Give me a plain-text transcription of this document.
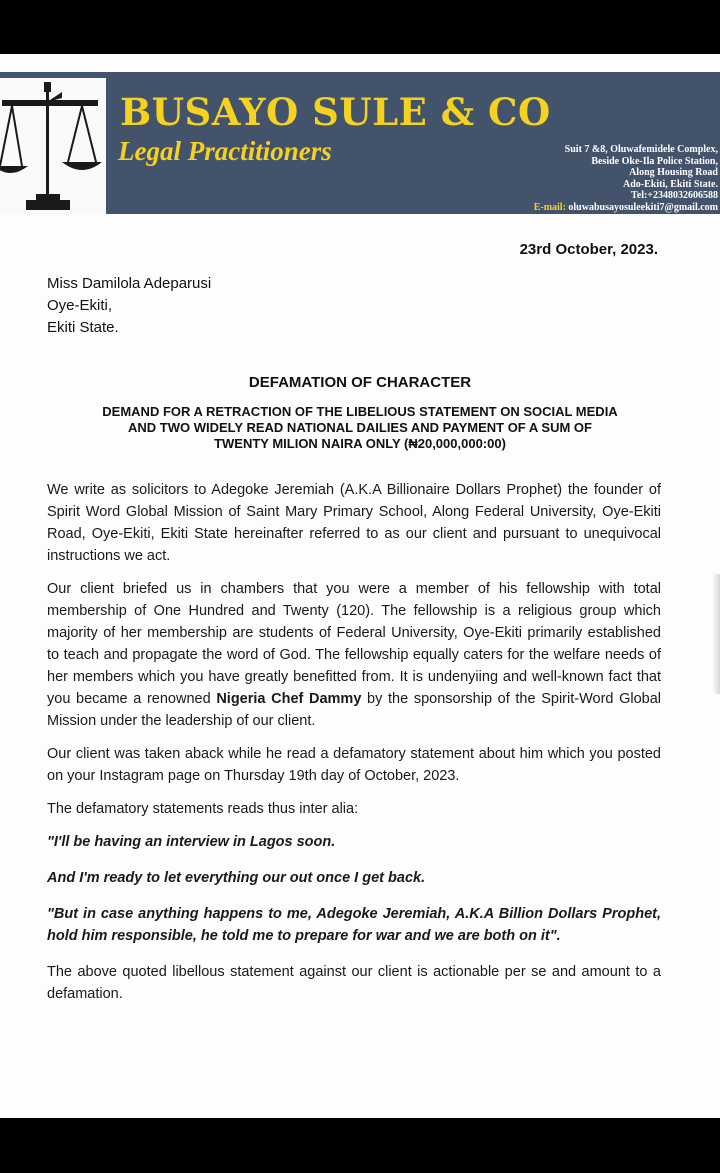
BUSAYO SULE & CO
Legal Practitioners	Suit 7 &8, Oluwafemidele Complex,
Beside Oke-Ila Police Station,
Along Housing Road
Ado-Ekiti, Ekiti State.
Tel:+2348032606588
E-mail: oluwabusayosuleekiti7@gmail.com
23rd October, 2023.
Miss Damilola Adeparusi
Oye-Ekiti,
Ekiti State.
DEFAMATION OF CHARACTER
DEMAND FOR A RETRACTION OF THE LIBELIOUS STATEMENT ON SOCIAL MEDIA
AND TWO WIDELY READ NATIONAL DAILIES AND PAYMENT OF A SUM OF
TWENTY MILION NAIRA ONLY (₦20,000,000:00)

We write as solicitors to Adegoke Jeremiah (A.K.A Billionaire Dollars Prophet) the founder of Spirit Word Global Mission of Saint Mary Primary School, Along Federal University, Oye-Ekiti Road, Oye-Ekiti, Ekiti State hereinafter referred to as our client and pursuant to unequivocal instructions we act.

Our client briefed us in chambers that you were a member of his fellowship with total membership of One Hundred and Twenty (120). The fellowship is a religious group which majority of her membership are students of Federal University, Oye-Ekiti primarily established to teach and propagate the word of God. The fellowship equally caters for the welfare needs of her members which you have greatly benefitted from. It is undenyiing and well-known fact that you became a renowned Nigeria Chef Dammy by the sponsorship of the Spirit-Word Global Mission under the leadership of our client.

Our client was taken aback while he read a defamatory statement about him which you posted on your Instagram page on Thursday 19th day of October, 2023.

The defamatory statements reads thus inter alia:

"I'll be having an interview in Lagos soon.

And I'm ready to let everything our out once I get back.

"But in case anything happens to me, Adegoke Jeremiah, A.K.A Billion Dollars Prophet, hold him responsible, he told me to prepare for war and we are both on it".

The above quoted libellous statement against our client is actionable per se and amount to a defamation.
